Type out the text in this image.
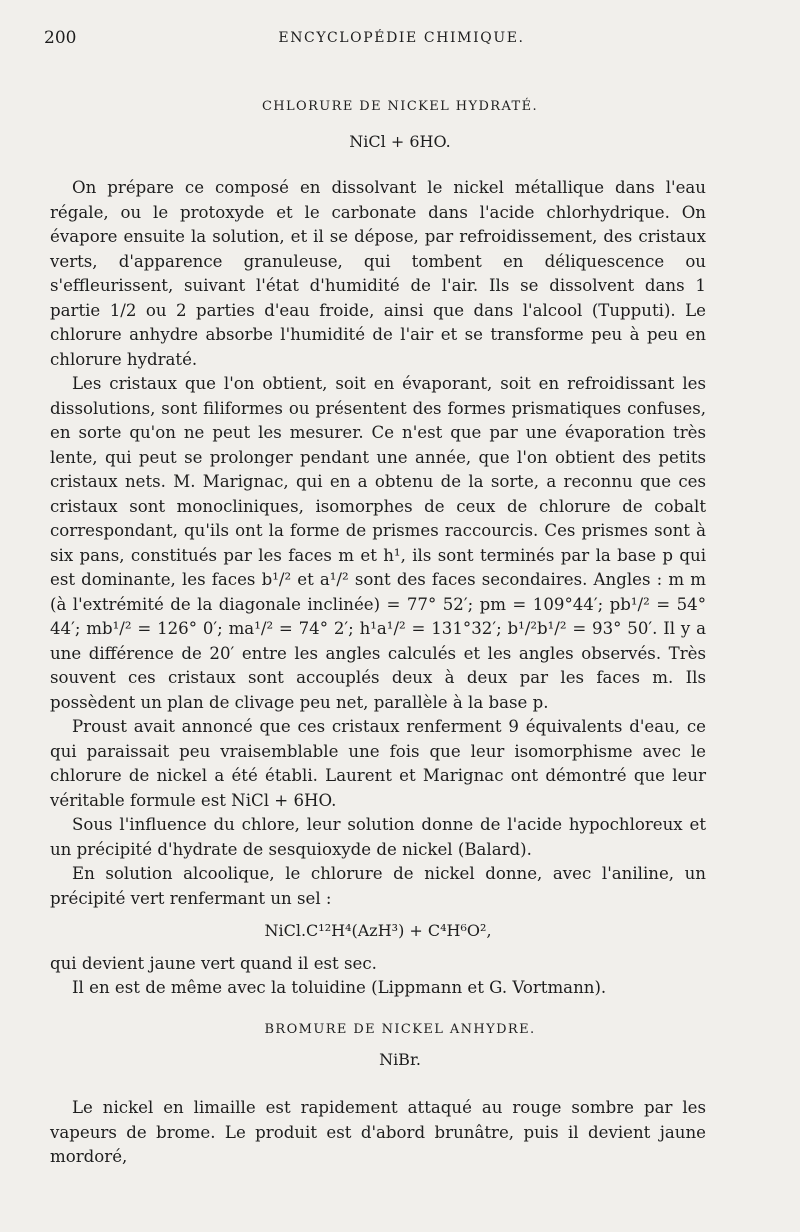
200	ENCYCLOPÉDIE CHIMIQUE.
CHLORURE DE NICKEL HYDRATÉ.
NiCl + 6HO.

On prépare ce composé en dissolvant le nickel métallique dans l'eau régale, ou le protoxyde et le carbonate dans l'acide chlorhydrique. On évapore ensuite la solution, et il se dépose, par refroidissement, des cristaux verts, d'apparence granuleuse, qui tombent en déliquescence ou s'effleurissent, suivant l'état d'humidité de l'air. Ils se dissolvent dans 1 partie 1/2 ou 2 parties d'eau froide, ainsi que dans l'alcool (Tupputi). Le chlorure anhydre absorbe l'humidité de l'air et se transforme peu à peu en chlorure hydraté.

Les cristaux que l'on obtient, soit en évaporant, soit en refroidissant les dissolutions, sont filiformes ou présentent des formes prismatiques confuses, en sorte qu'on ne peut les mesurer. Ce n'est que par une évaporation très lente, qui peut se prolonger pendant une année, que l'on obtient des petits cristaux nets. M. Marignac, qui en a obtenu de la sorte, a reconnu que ces cristaux sont monocliniques, isomorphes de ceux de chlorure de cobalt correspondant, qu'ils ont la forme de prismes raccourcis. Ces prismes sont à six pans, constitués par les faces m et h¹, ils sont terminés par la base p qui est dominante, les faces b¹/² et a¹/² sont des faces secondaires. Angles : m m (à l'extrémité de la diagonale inclinée) = 77° 52′; pm = 109°44′; pb¹/² = 54° 44′; mb¹/² = 126° 0′; ma¹/² = 74° 2′; h¹a¹/² = 131°32′; b¹/²b¹/² = 93° 50′. Il y a une différence de 20′ entre les angles calculés et les angles observés. Très souvent ces cristaux sont accouplés deux à deux par les faces m. Ils possèdent un plan de clivage peu net, parallèle à la base p.

Proust avait annoncé que ces cristaux renferment 9 équivalents d'eau, ce qui paraissait peu vraisemblable une fois que leur isomorphisme avec le chlorure de nickel a été établi. Laurent et Marignac ont démontré que leur véritable formule est NiCl + 6HO.

Sous l'influence du chlore, leur solution donne de l'acide hypochloreux et un précipité d'hydrate de sesquioxyde de nickel (Balard).

En solution alcoolique, le chlorure de nickel donne, avec l'aniline, un précipité vert renfermant un sel :

NiCl.C¹²H⁴(AzH³) + C⁴H⁶O²,

qui devient jaune vert quand il est sec.

Il en est de même avec la toluidine (Lippmann et G. Vortmann).

BROMURE DE NICKEL ANHYDRE.
NiBr.

Le nickel en limaille est rapidement attaqué au rouge sombre par les vapeurs de brome. Le produit est d'abord brunâtre, puis il devient jaune mordoré,
